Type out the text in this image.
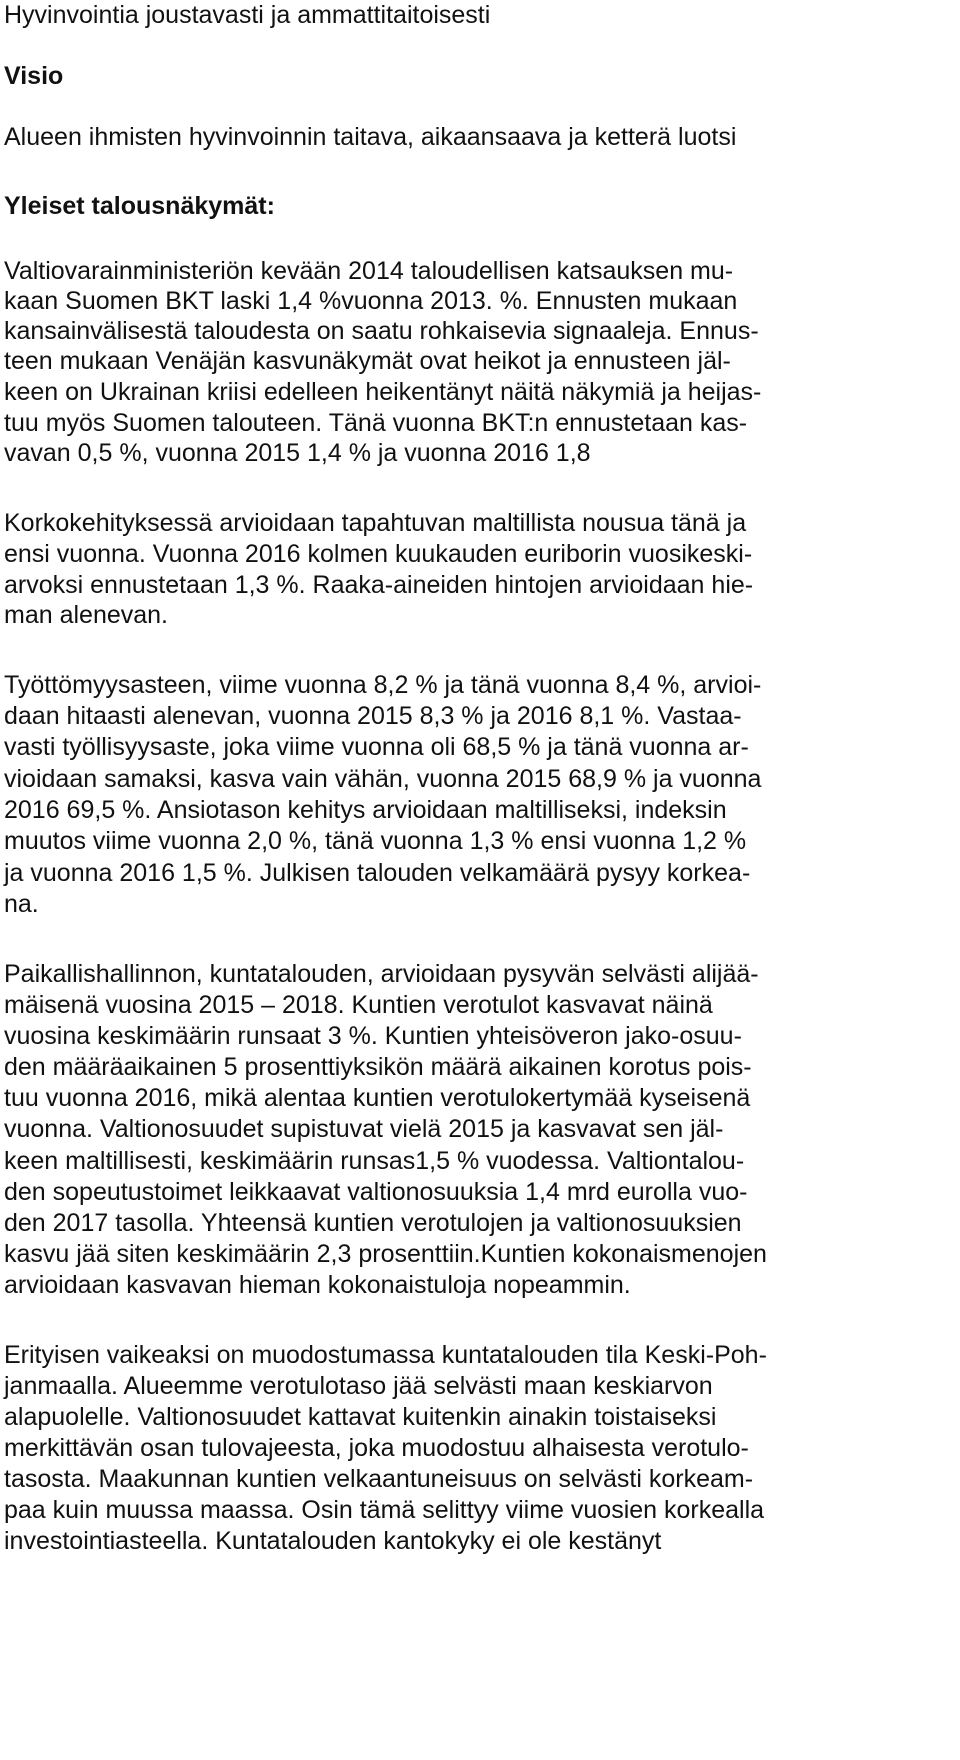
Hyvinvointia joustavasti ja ammattitaitoisesti
Visio
Alueen ihmisten hyvinvoinnin taitava, aikaansaava ja ketterä luotsi
Yleiset talousnäkymät:
Valtiovarainministeriön kevään 2014 taloudellisen katsauksen mu-
kaan Suomen BKT laski 1,4 %vuonna 2013. %. Ennusten mukaan
kansainvälisestä taloudesta on saatu rohkaisevia signaaleja. Ennus-
teen mukaan Venäjän kasvunäkymät ovat heikot ja ennusteen jäl-
keen on Ukrainan kriisi edelleen heikentänyt näitä näkymiä ja heijas-
tuu myös Suomen talouteen. Tänä vuonna BKT:n ennustetaan kas-
vavan 0,5 %, vuonna 2015 1,4 % ja vuonna 2016 1,8
Korkokehityksessä arvioidaan tapahtuvan maltillista nousua tänä ja
ensi vuonna. Vuonna 2016 kolmen kuukauden euriborin vuosikeski-
arvoksi ennustetaan 1,3 %. Raaka-aineiden hintojen arvioidaan hie-
man alenevan.
Työttömyysasteen, viime vuonna 8,2 % ja tänä vuonna 8,4 %, arvioi-
daan hitaasti alenevan, vuonna 2015 8,3 % ja 2016 8,1 %. Vastaa-
vasti työllisyysaste, joka viime vuonna oli 68,5 % ja tänä vuonna ar-
vioidaan samaksi, kasva vain vähän, vuonna 2015 68,9 % ja vuonna
2016 69,5 %. Ansiotason kehitys arvioidaan maltilliseksi, indeksin
muutos viime vuonna 2,0 %, tänä vuonna 1,3 % ensi vuonna 1,2 %
ja vuonna 2016 1,5 %. Julkisen talouden velkamäärä pysyy korkea-
na.
Paikallishallinnon, kuntatalouden, arvioidaan pysyvän selvästi alijää-
mäisenä vuosina 2015 – 2018. Kuntien verotulot kasvavat näinä
vuosina keskimäärin runsaat 3 %. Kuntien yhteisöveron jako-osuu-
den määräaikainen 5 prosenttiyksikön määrä aikainen korotus pois-
tuu vuonna 2016, mikä alentaa kuntien verotulokertymää kyseisenä
vuonna. Valtionosuudet supistuvat vielä 2015 ja kasvavat sen jäl-
keen maltillisesti, keskimäärin runsas1,5 % vuodessa. Valtiontalou-
den sopeutustoimet leikkaavat valtionosuuksia 1,4 mrd eurolla vuo-
den 2017 tasolla. Yhteensä kuntien verotulojen ja valtionosuuksien
kasvu jää siten keskimäärin 2,3 prosenttiin.Kuntien kokonaismenojen
arvioidaan kasvavan hieman kokonaistuloja nopeammin.
Erityisen vaikeaksi on muodostumassa kuntatalouden tila Keski-Poh-
janmaalla. Alueemme verotulotaso jää selvästi maan keskiarvon
alapuolelle. Valtionosuudet kattavat kuitenkin ainakin toistaiseksi
merkittävän osan tulovajeesta, joka muodostuu alhaisesta verotulo-
tasosta. Maakunnan kuntien velkaantuneisuus on selvästi korkeam-
paa kuin muussa maassa. Osin tämä selittyy viime vuosien korkealla
investointiasteella. Kuntatalouden kantokyky ei ole kestänyt
